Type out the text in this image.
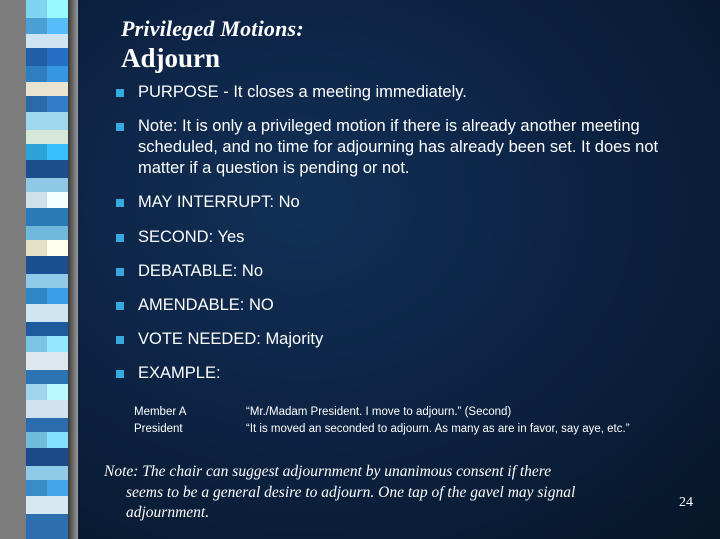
Privileged Motions:
Adjourn
PURPOSE - It closes a meeting immediately.
Note: It is only a privileged motion if there is already another meeting scheduled, and no time for adjourning has already been set. It does not matter if a question is pending or not.
MAY INTERRUPT: No
SECOND: Yes
DEBATABLE: No
AMENDABLE: NO
VOTE NEEDED: Majority
EXAMPLE:
Member A	“Mr./Madam President. I move to adjourn.” (Second)
President	“It is moved an seconded to adjourn. As many as are in favor, say aye, etc.”
Note: The chair can suggest adjournment by unanimous consent if there
seems to be a general desire to adjourn. One tap of the gavel may signal
adjournment.
24
